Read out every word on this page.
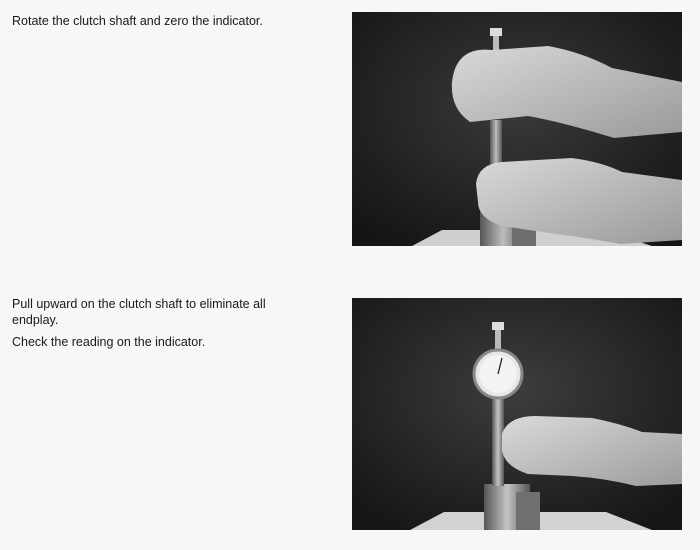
Rotate the clutch shaft and zero the indicator.

Pull upward on the clutch shaft to eliminate all endplay.

Check the reading on the indicator.
